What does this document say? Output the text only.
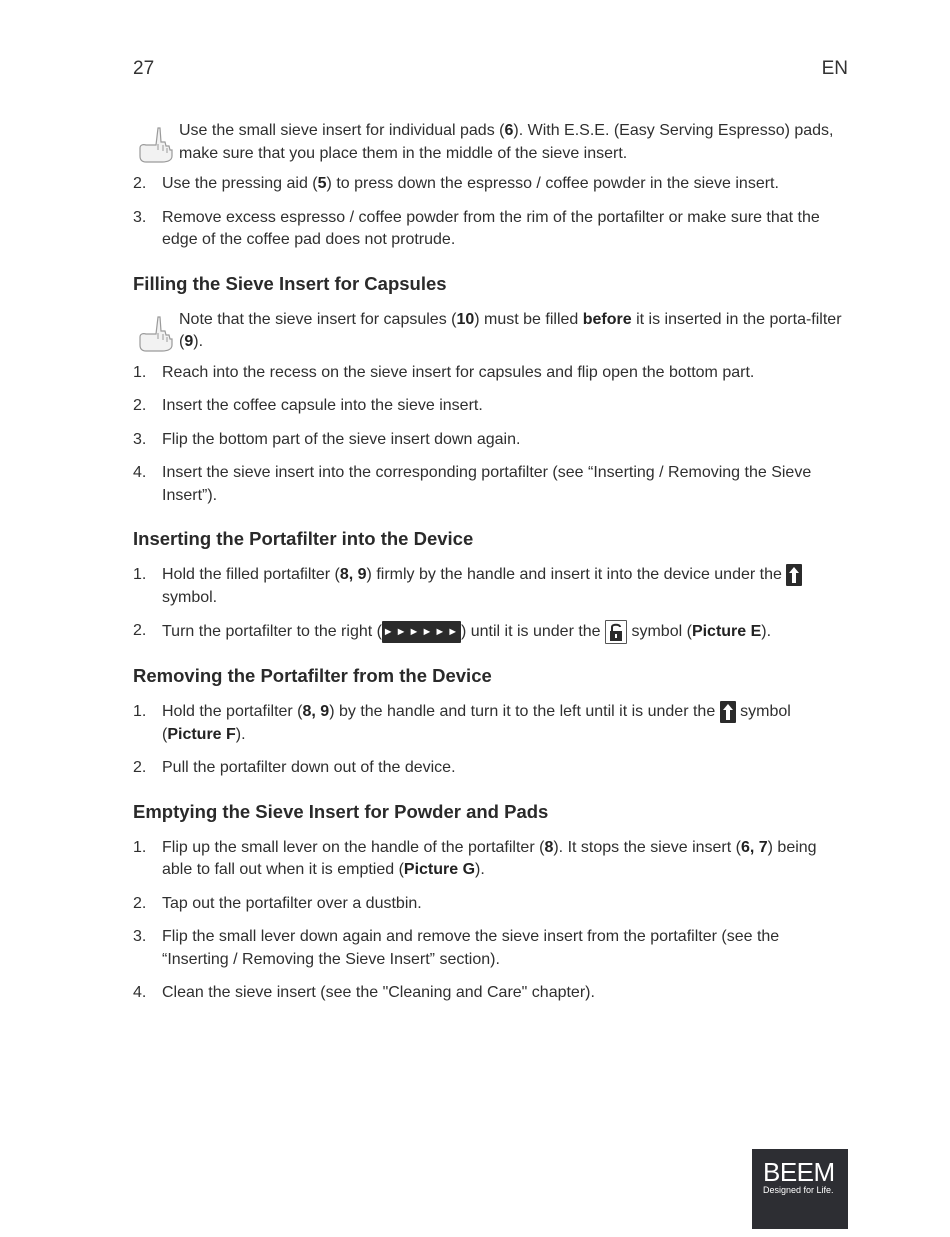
27	EN

Use the small sieve insert for individual pads (6). With E.S.E. (Easy Serving Espresso) pads, make sure that you place them in the middle of the sieve insert.

2. Use the pressing aid (5) to press down the espresso / coffee powder in the sieve insert.
3. Remove excess espresso / coffee powder from the rim of the portafilter or make sure that the edge of the coffee pad does not protrude.
Filling the Sieve Insert for Capsules

Note that the sieve insert for capsules (10) must be filled before it is inserted in the porta-filter (9).

1. Reach into the recess on the sieve insert for capsules and flip open the bottom part.
2. Insert the coffee capsule into the sieve insert.
3. Flip the bottom part of the sieve insert down again.
4. Insert the sieve insert into the corresponding portafilter (see “Inserting / Removing the Sieve Insert”).
Inserting the Portafilter into the Device
1. Hold the filled portafilter (8, 9) firmly by the handle and insert it into the device under the
symbol.
2. Turn the portafilter to the right (►►►►►►) until it is under the
symbol (Picture E).
Removing the Portafilter from the Device
1. Hold the portafilter (8, 9) by the handle and turn it to the left until it is under the
symbol (Picture F).
2. Pull the portafilter down out of the device.
Emptying the Sieve Insert for Powder and Pads
1. Flip up the small lever on the handle of the portafilter (8). It stops the sieve insert (6, 7) being able to fall out when it is emptied (Picture G).
2. Tap out the portafilter over a dustbin.
3. Flip the small lever down again and remove the sieve insert from the portafilter (see the “Inserting / Removing the Sieve Insert” section).
4. Clean the sieve insert (see the "Cleaning and Care" chapter).
BEEM
Designed for Life.
